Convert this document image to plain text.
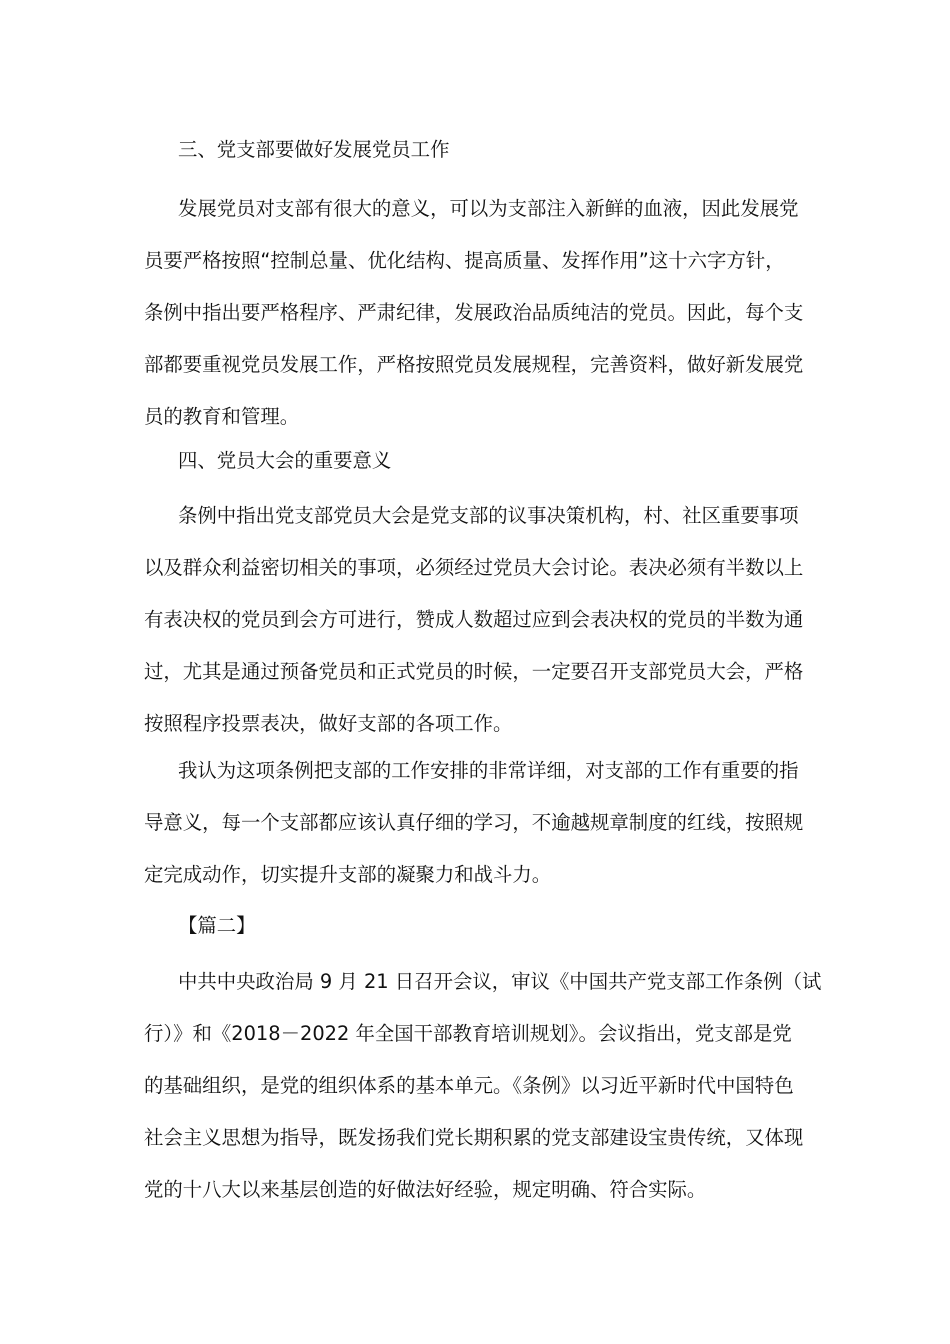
三、党支部要做好发展党员工作

发展党员对支部有很大的意义，可以为支部注入新鲜的血液，因此发展党
员要严格按照“控制总量、优化结构、提高质量、发挥作用”这十六字方针，
条例中指出要严格程序、严肃纪律，发展政治品质纯洁的党员。因此，每个支
部都要重视党员发展工作，严格按照党员发展规程，完善资料，做好新发展党
员的教育和管理。

四、党员大会的重要意义

条例中指出党支部党员大会是党支部的议事决策机构，村、社区重要事项
以及群众利益密切相关的事项，必须经过党员大会讨论。表决必须有半数以上
有表决权的党员到会方可进行，赞成人数超过应到会表决权的党员的半数为通
过，尤其是通过预备党员和正式党员的时候，一定要召开支部党员大会，严格
按照程序投票表决，做好支部的各项工作。

我认为这项条例把支部的工作安排的非常详细，对支部的工作有重要的指
导意义，每一个支部都应该认真仔细的学习，不逾越规章制度的红线，按照规
定完成动作，切实提升支部的凝聚力和战斗力。

【篇二】

中共中央政治局 9 月 21 日召开会议，审议《中国共产党支部工作条例（试
行）》和《2018－2022 年全国干部教育培训规划》。会议指出，党支部是党
的基础组织，是党的组织体系的基本单元。《条例》以习近平新时代中国特色
社会主义思想为指导，既发扬我们党长期积累的党支部建设宝贵传统，又体现
党的十八大以来基层创造的好做法好经验，规定明确、符合实际。
